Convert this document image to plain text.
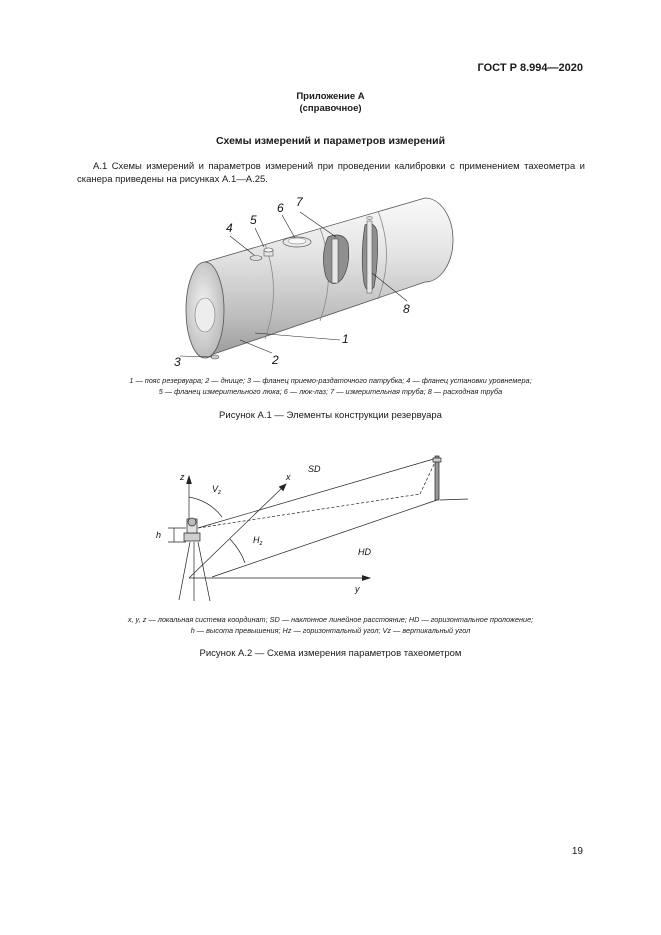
ГОСТ Р 8.994—2020
Приложение А
(справочное)
Схемы измерений и параметров измерений
А.1 Схемы измерений и параметров измерений при проведении калибровки с применением тахеометра и сканера приведены на рисунках А.1—А.25.
4
5
6 7
8
1
2
3
1 — пояс резервуара; 2 — днище; 3 — фланец приемо-раздаточного патрубка; 4 — фланец установки уровнемера;
5 — фланец измерительного люка; 6 — люк-лаз; 7 — измерительная труба; 8 — расходная труба
Рисунок А.1 — Элементы конструкции резервуара
z	x
y
h
SD
HD
$V_z$
$H_z$
x, y, z — локальная система координат; SD — наклонное линейное расстояние; HD — горизонтальное проложение;
h — высота превышения; Hz — горизонтальный угол; Vz — вертикальный угол
Рисунок А.2 — Схема измерения параметров тахеометром
19
